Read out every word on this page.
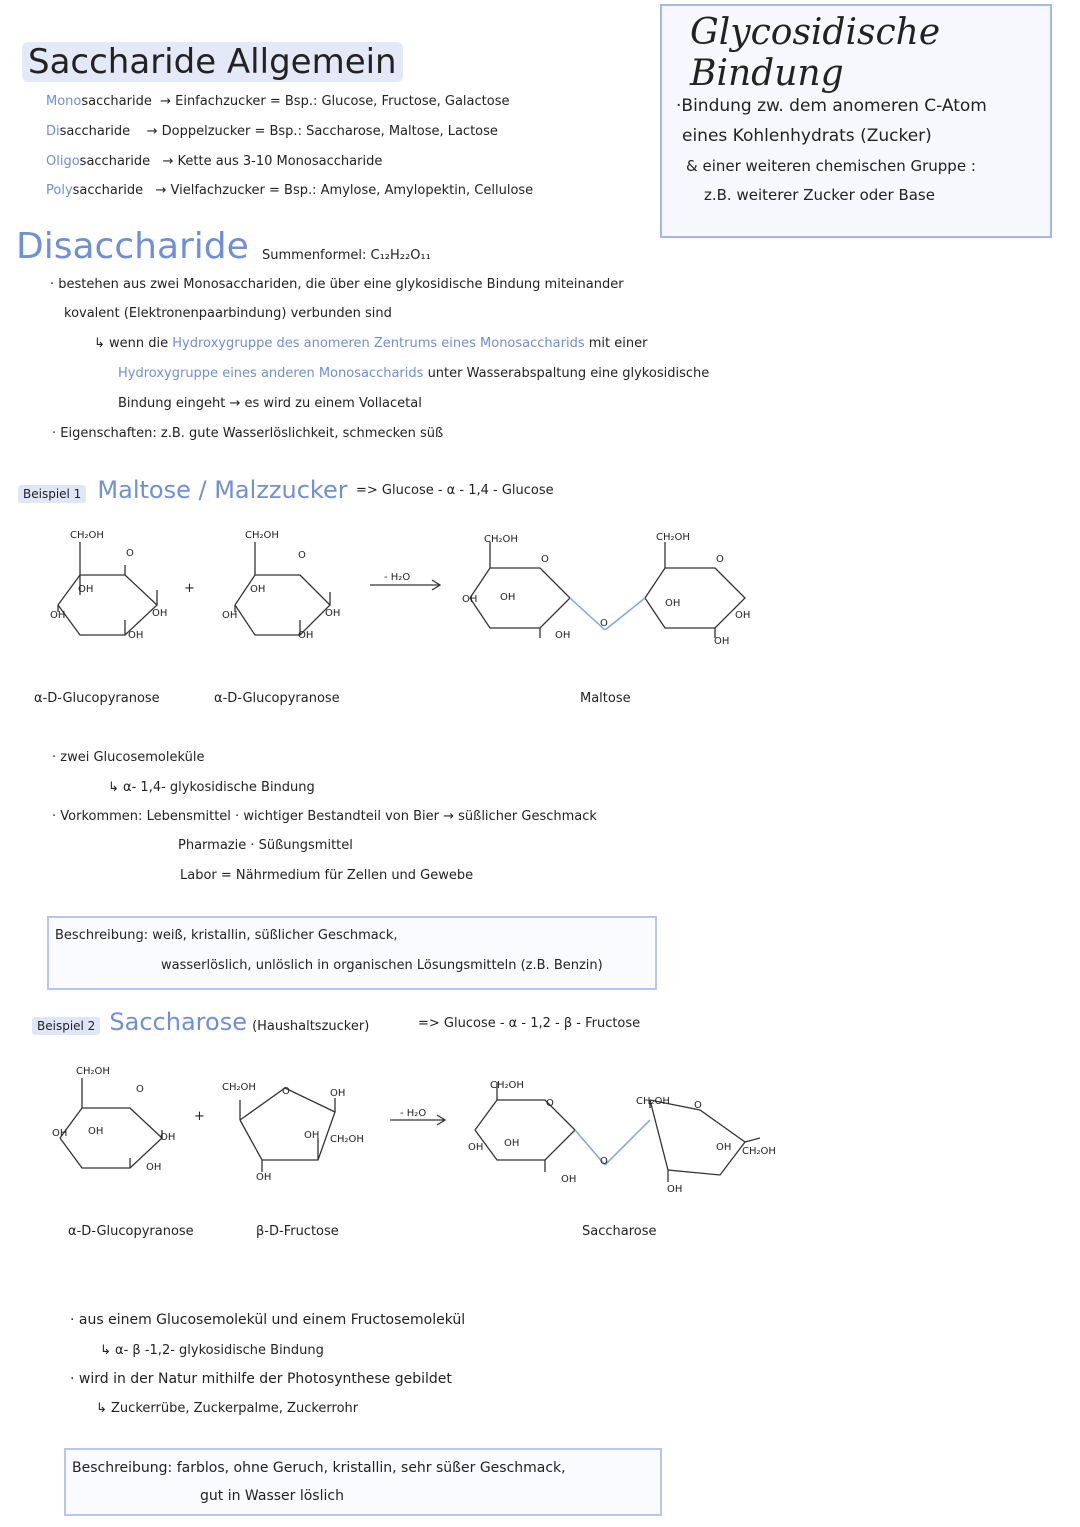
Saccharide Allgemein
Monosaccharide → Einfachzucker = Bsp.: Glucose, Fructose, Galactose
Disaccharide → Doppelzucker = Bsp.: Saccharose, Maltose, Lactose
Oligosaccharide → Kette aus 3-10 Monosaccharide
Polysaccharide → Vielfachzucker = Bsp.: Amylose, Amylopektin, Cellulose
Glycosidische Bindung
·Bindung zw. dem anomeren C-Atom
eines Kohlenhydrats (Zucker)
& einer weiteren chemischen Gruppe :
z.B. weiterer Zucker oder Base
Disaccharide Summenformel: C₁₂H₂₂O₁₁
· bestehen aus zwei Monosacchariden, die über eine glykosidische Bindung miteinander
kovalent (Elektronenpaarbindung) verbunden sind
↳ wenn die Hydroxygruppe des anomeren Zentrums eines Monosaccharids mit einer
Hydroxygruppe eines anderen Monosaccharids unter Wasserabspaltung eine glykosidische
Bindung eingeht → es wird zu einem Vollacetal
· Eigenschaften: z.B. gute Wasserlöslichkeit, schmecken süß
Beispiel 1 Maltose / Malzzucker => Glucose - α - 1,4 - Glucose
CH₂OH
O
OH
OH	OH
OH
CH₂OH
O
OH
OH	OH
OH
+
- H₂O
CH₂OH
O
OH
OH
OH
O
CH₂OH
O
OH
OH
OH
α-D-Glucopyranose	α-D-Glucopyranose	Maltose
· zwei Glucosemoleküle
↳ α- 1,4- glykosidische Bindung
· Vorkommen: Lebensmittel · wichtiger Bestandteil von Bier → süßlicher Geschmack
Pharmazie · Süßungsmittel
Labor = Nährmedium für Zellen und Gewebe
Beschreibung: weiß, kristallin, süßlicher Geschmack,
wasserlöslich, unlöslich in organischen Lösungsmitteln (z.B. Benzin)
Beispiel 2 Saccharose (Haushaltszucker)	=> Glucose - α - 1,2 - β - Fructose
CH₂OH
O
OH
OH	OH
OH
+
CH₂OH	O	OH
OH CH₂OH
OH
- H₂O
CH₂OH
O
OH
OH
OH
O
CH₂OH O
OH CH₂OH
OH
α-D-Glucopyranose	β-D-Fructose	Saccharose
· aus einem Glucosemolekül und einem Fructosemolekül
↳ α- β -1,2- glykosidische Bindung
· wird in der Natur mithilfe der Photosynthese gebildet
↳ Zuckerrübe, Zuckerpalme, Zuckerrohr
Beschreibung: farblos, ohne Geruch, kristallin, sehr süßer Geschmack,
gut in Wasser löslich
